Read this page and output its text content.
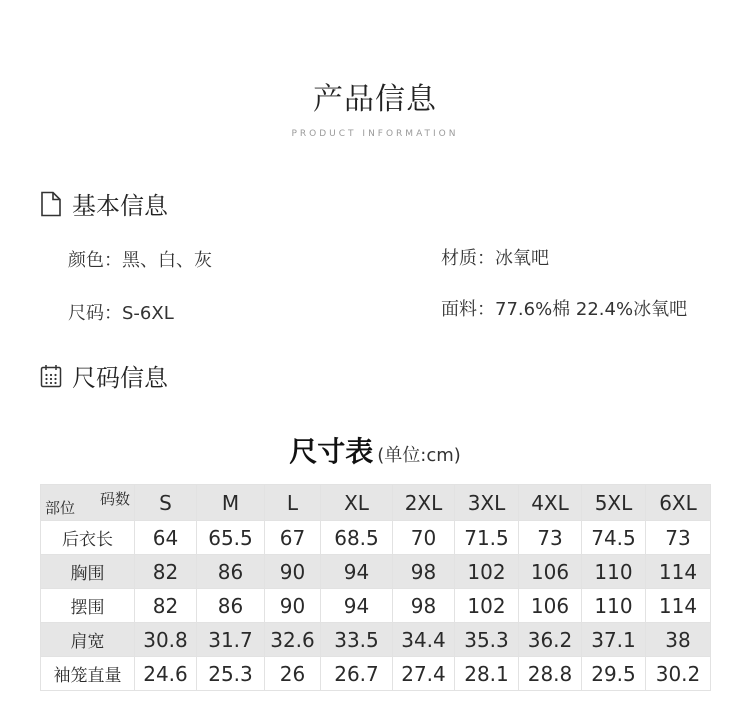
产品信息
PRODUCT INFORMATION
基本信息
颜色：黑、白、灰	材质：冰氧吧
尺码：S-6XL	面料：77.6%棉 22.4%冰氧吧
尺码信息
尺寸表 (单位:cm)
码数
部位	S	M	L	XL	2XL	3XL	4XL	5XL	6XL
后衣长	64	65.5	67	68.5	70	71.5	73	74.5	73
胸围	82	86	90	94	98	102	106	110	114
摆围	82	86	90	94	98	102	106	110	114
肩宽	30.8	31.7	32.6	33.5	34.4	35.3	36.2	37.1	38
袖笼直量	24.6	25.3	26	26.7	27.4	28.1	28.8	29.5	30.2
